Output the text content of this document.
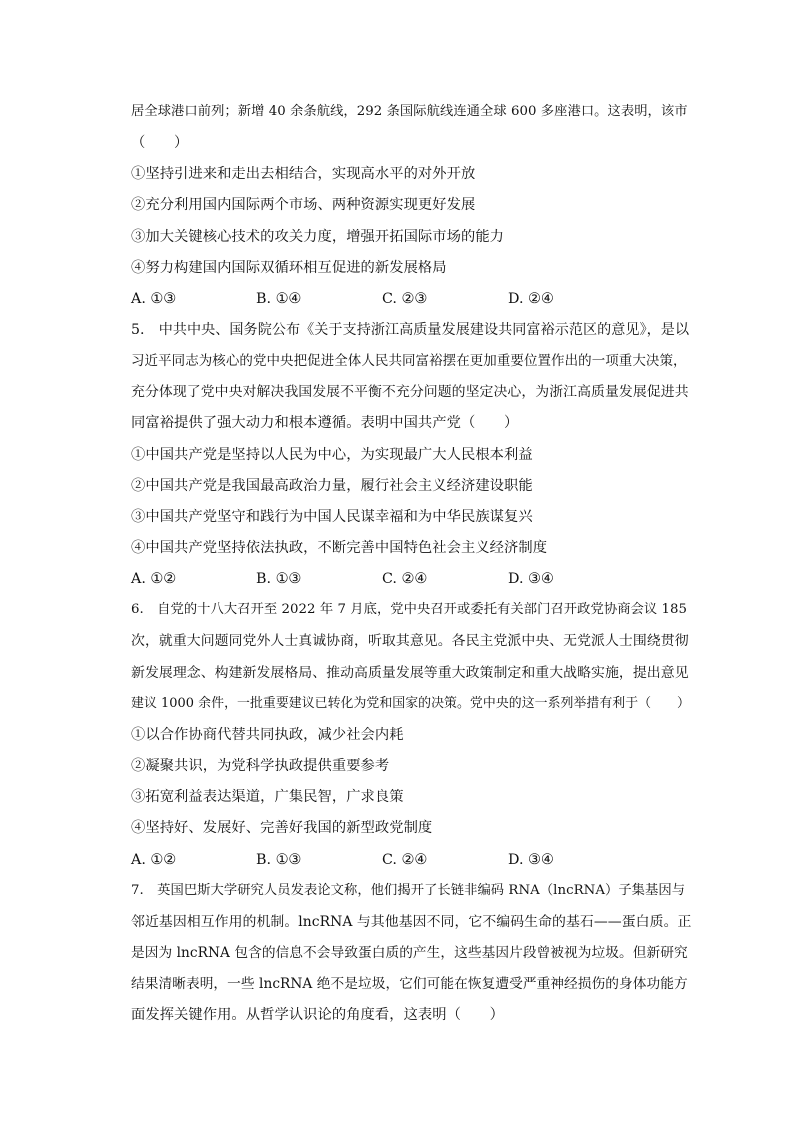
居全球港口前列；新增 40 余条航线，292 条国际航线连通全球 600 多座港口。这表明，该市
（　　）
①坚持引进来和走出去相结合，实现高水平的对外开放
②充分利用国内国际两个市场、两种资源实现更好发展
③加大关键核心技术的攻关力度，增强开拓国际市场的能力
④努力构建国内国际双循环相互促进的新发展格局
A. ①③	B. ①④	C. ②③	D. ②④
5.　中共中央、国务院公布《关于支持浙江高质量发展建设共同富裕示范区的意见》，是以
习近平同志为核心的党中央把促进全体人民共同富裕摆在更加重要位置作出的一项重大决策，
充分体现了党中央对解决我国发展不平衡不充分问题的坚定决心，为浙江高质量发展促进共
同富裕提供了强大动力和根本遵循。表明中国共产党（　　）
①中国共产党是坚持以人民为中心，为实现最广大人民根本利益
②中国共产党是我国最高政治力量，履行社会主义经济建设职能
③中国共产党坚守和践行为中国人民谋幸福和为中华民族谋复兴
④中国共产党坚持依法执政，不断完善中国特色社会主义经济制度
A. ①②	B. ①③	C. ②④	D. ③④
6.　自党的十八大召开至 2022 年 7 月底，党中央召开或委托有关部门召开政党协商会议 185
次，就重大问题同党外人士真诚协商，听取其意见。各民主党派中央、无党派人士围绕贯彻
新发展理念、构建新发展格局、推动高质量发展等重大政策制定和重大战略实施，提出意见
建议 1000 余件，一批重要建议已转化为党和国家的决策。党中央的这一系列举措有利于（　　）
①以合作协商代替共同执政，减少社会内耗
②凝聚共识，为党科学执政提供重要参考
③拓宽利益表达渠道，广集民智，广求良策
④坚持好、发展好、完善好我国的新型政党制度
A. ①②	B. ①③	C. ②④	D. ③④
7.　英国巴斯大学研究人员发表论文称，他们揭开了长链非编码 RNA（lncRNA）子集基因与
邻近基因相互作用的机制。lncRNA 与其他基因不同，它不编码生命的基石——蛋白质。正
是因为 lncRNA 包含的信息不会导致蛋白质的产生，这些基因片段曾被视为垃圾。但新研究
结果清晰表明，一些 lncRNA 绝不是垃圾，它们可能在恢复遭受严重神经损伤的身体功能方
面发挥关键作用。从哲学认识论的角度看，这表明（　　）
